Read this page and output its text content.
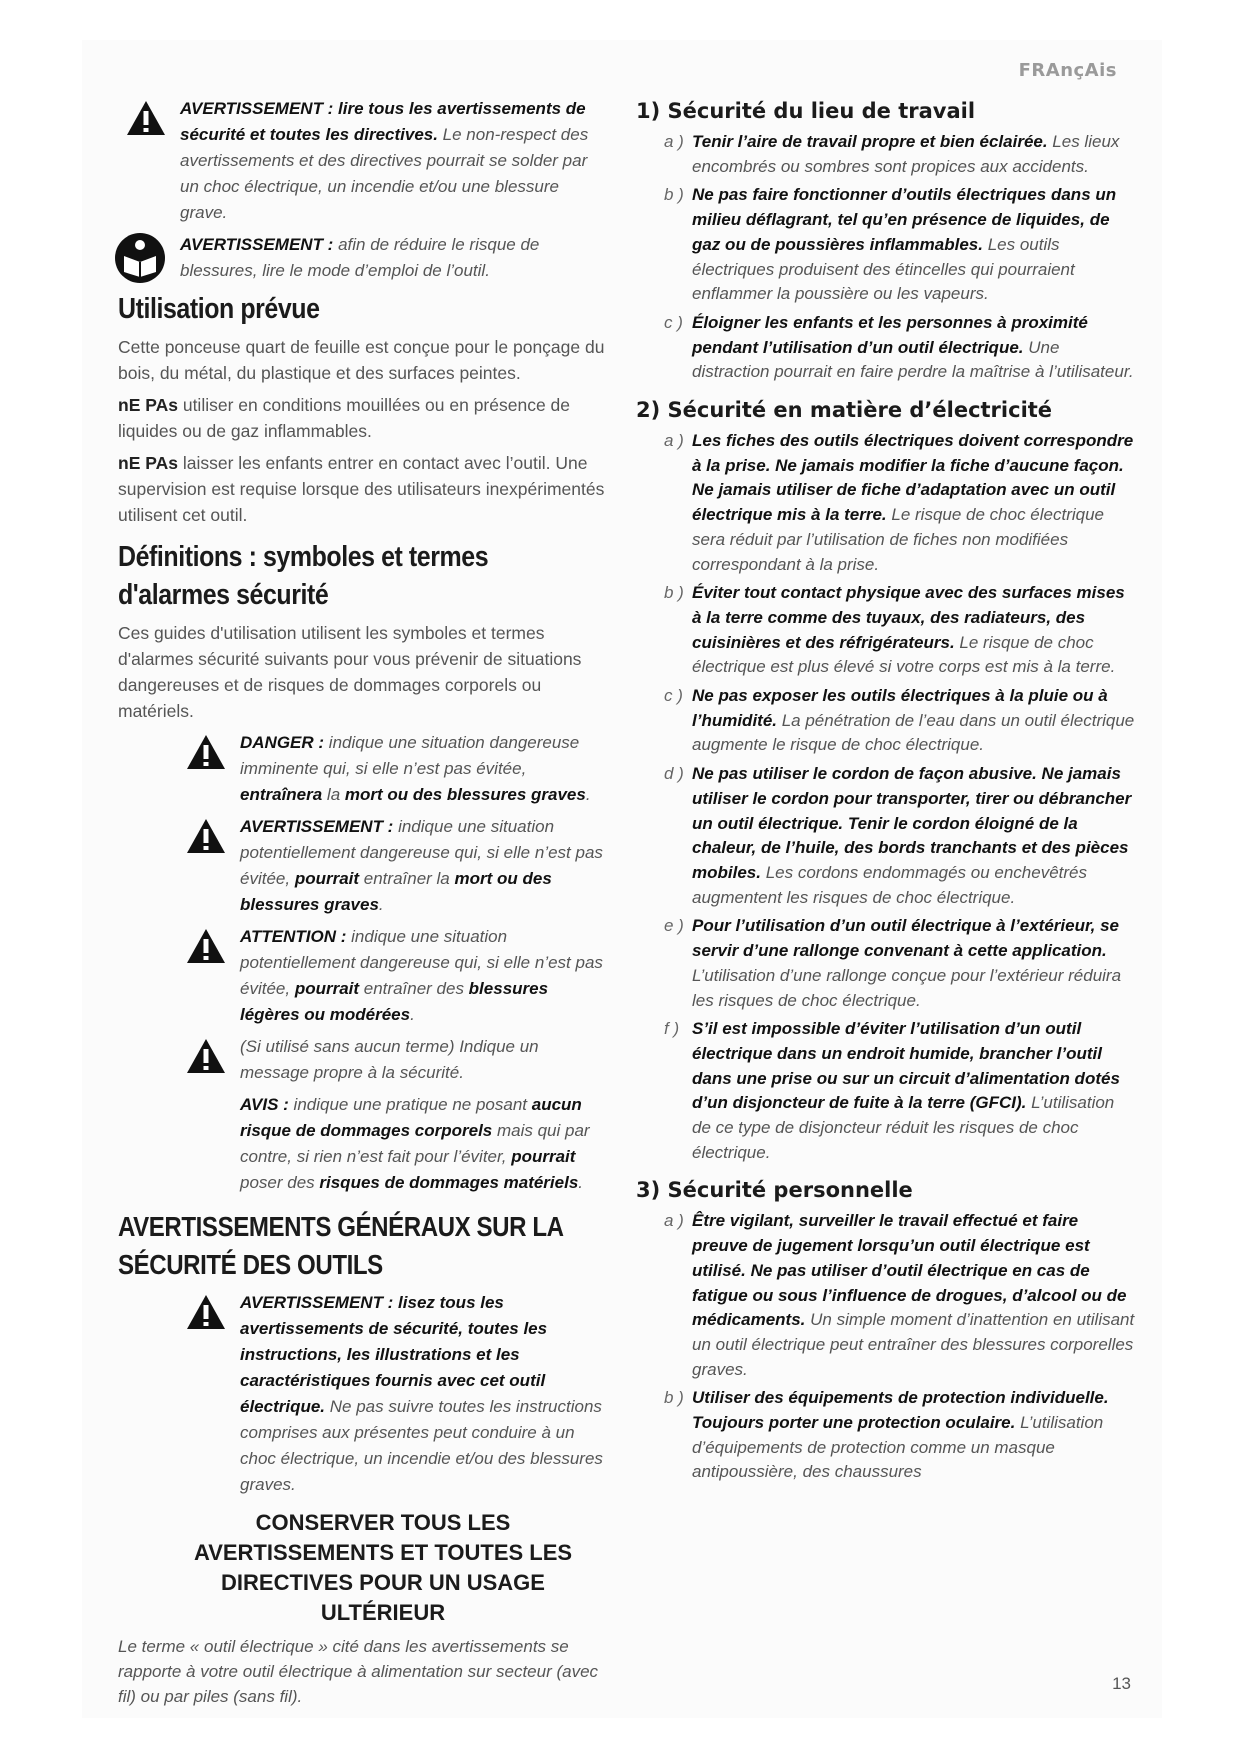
FRAnçAis
AVERTISSEMENT : lire tous les avertissements de sécurité et toutes les directives. Le non-respect des avertissements et des directives pourrait se solder par un choc électrique, un incendie et/ou une blessure grave.
AVERTISSEMENT : afin de réduire le risque de blessures, lire le mode d’emploi de l’outil.
Utilisation prévue

Cette ponceuse quart de feuille est conçue pour le ponçage du bois, du métal, du plastique et des surfaces peintes.

nE PAs utiliser en conditions mouillées ou en présence de liquides ou de gaz inflammables.

nE PAs laisser les enfants entrer en contact avec l’outil. Une supervision est requise lorsque des utilisateurs inexpérimentés utilisent cet outil.

Définitions : symboles et termes
d'alarmes sécurité

Ces guides d'utilisation utilisent les symboles et termes d'alarmes sécurité suivants pour vous prévenir de situations dangereuses et de risques de dommages corporels ou matériels.

DANGER : indique une situation dangereuse imminente qui, si elle n’est pas évitée, entraînera la mort ou des blessures graves.
AVERTISSEMENT : indique une situation potentiellement dangereuse qui, si elle n’est pas évitée, pourrait entraîner la mort ou des blessures graves.
ATTENTION : indique une situation potentiellement dangereuse qui, si elle n’est pas évitée, pourrait entraîner des blessures légères ou modérées.
(Si utilisé sans aucun terme) Indique un message propre à la sécurité.
AVIS : indique une pratique ne posant aucun risque de dommages corporels mais qui par contre, si rien n’est fait pour l’éviter, pourrait poser des risques de dommages matériels.
AVERTISSEMENTS GÉNÉRAUX SUR LA
SÉCURITÉ DES OUTILS
AVERTISSEMENT : lisez tous les avertissements de sécurité, toutes les instructions, les illustrations et les caractéristiques fournis avec cet outil électrique. Ne pas suivre toutes les instructions comprises aux présentes peut conduire à un choc électrique, un incendie et/ou des blessures graves.
CONSERVER TOUS LES AVERTISSEMENTS ET TOUTES LES DIRECTIVES POUR UN USAGE ULTÉRIEUR

Le terme « outil électrique » cité dans les avertissements se rapporte à votre outil électrique à alimentation sur secteur (avec fil) ou par piles (sans fil).

1) Sécurité du lieu de travail
a ) Tenir l’aire de travail propre et bien éclairée. Les lieux encombrés ou sombres sont propices aux accidents.
b ) Ne pas faire fonctionner d’outils électriques dans un milieu déflagrant, tel qu’en présence de liquides, de gaz ou de poussières inflammables. Les outils électriques produisent des étincelles qui pourraient enflammer la poussière ou les vapeurs.
c ) Éloigner les enfants et les personnes à proximité pendant l’utilisation d’un outil électrique. Une distraction pourrait en faire perdre la maîtrise à l’utilisateur.
2) Sécurité en matière d’électricité
a ) Les fiches des outils électriques doivent correspondre à la prise. Ne jamais modifier la fiche d’aucune façon. Ne jamais utiliser de fiche d’adaptation avec un outil électrique mis à la terre. Le risque de choc électrique sera réduit par l’utilisation de fiches non modifiées correspondant à la prise.
b ) Éviter tout contact physique avec des surfaces mises à la terre comme des tuyaux, des radiateurs, des cuisinières et des réfrigérateurs. Le risque de choc électrique est plus élevé si votre corps est mis à la terre.
c ) Ne pas exposer les outils électriques à la pluie ou à l’humidité. La pénétration de l’eau dans un outil électrique augmente le risque de choc électrique.
d ) Ne pas utiliser le cordon de façon abusive. Ne jamais utiliser le cordon pour transporter, tirer ou débrancher un outil électrique. Tenir le cordon éloigné de la chaleur, de l’huile, des bords tranchants et des pièces mobiles. Les cordons endommagés ou enchevêtrés augmentent les risques de choc électrique.
e ) Pour l’utilisation d’un outil électrique à l’extérieur, se servir d’une rallonge convenant à cette application. L’utilisation d’une rallonge conçue pour l’extérieur réduira les risques de choc électrique.
f ) S’il est impossible d’éviter l’utilisation d’un outil électrique dans un endroit humide, brancher l’outil dans une prise ou sur un circuit d’alimentation dotés d’un disjoncteur de fuite à la terre (GFCI). L’utilisation de ce type de disjoncteur réduit les risques de choc électrique.
3) Sécurité personnelle
a ) Être vigilant, surveiller le travail effectué et faire preuve de jugement lorsqu’un outil électrique est utilisé. Ne pas utiliser d’outil électrique en cas de fatigue ou sous l’influence de drogues, d’alcool ou de médicaments. Un simple moment d’inattention en utilisant un outil électrique peut entraîner des blessures corporelles graves.
b ) Utiliser des équipements de protection individuelle. Toujours porter une protection oculaire. L’utilisation d’équipements de protection comme un masque antipoussière, des chaussures
13
